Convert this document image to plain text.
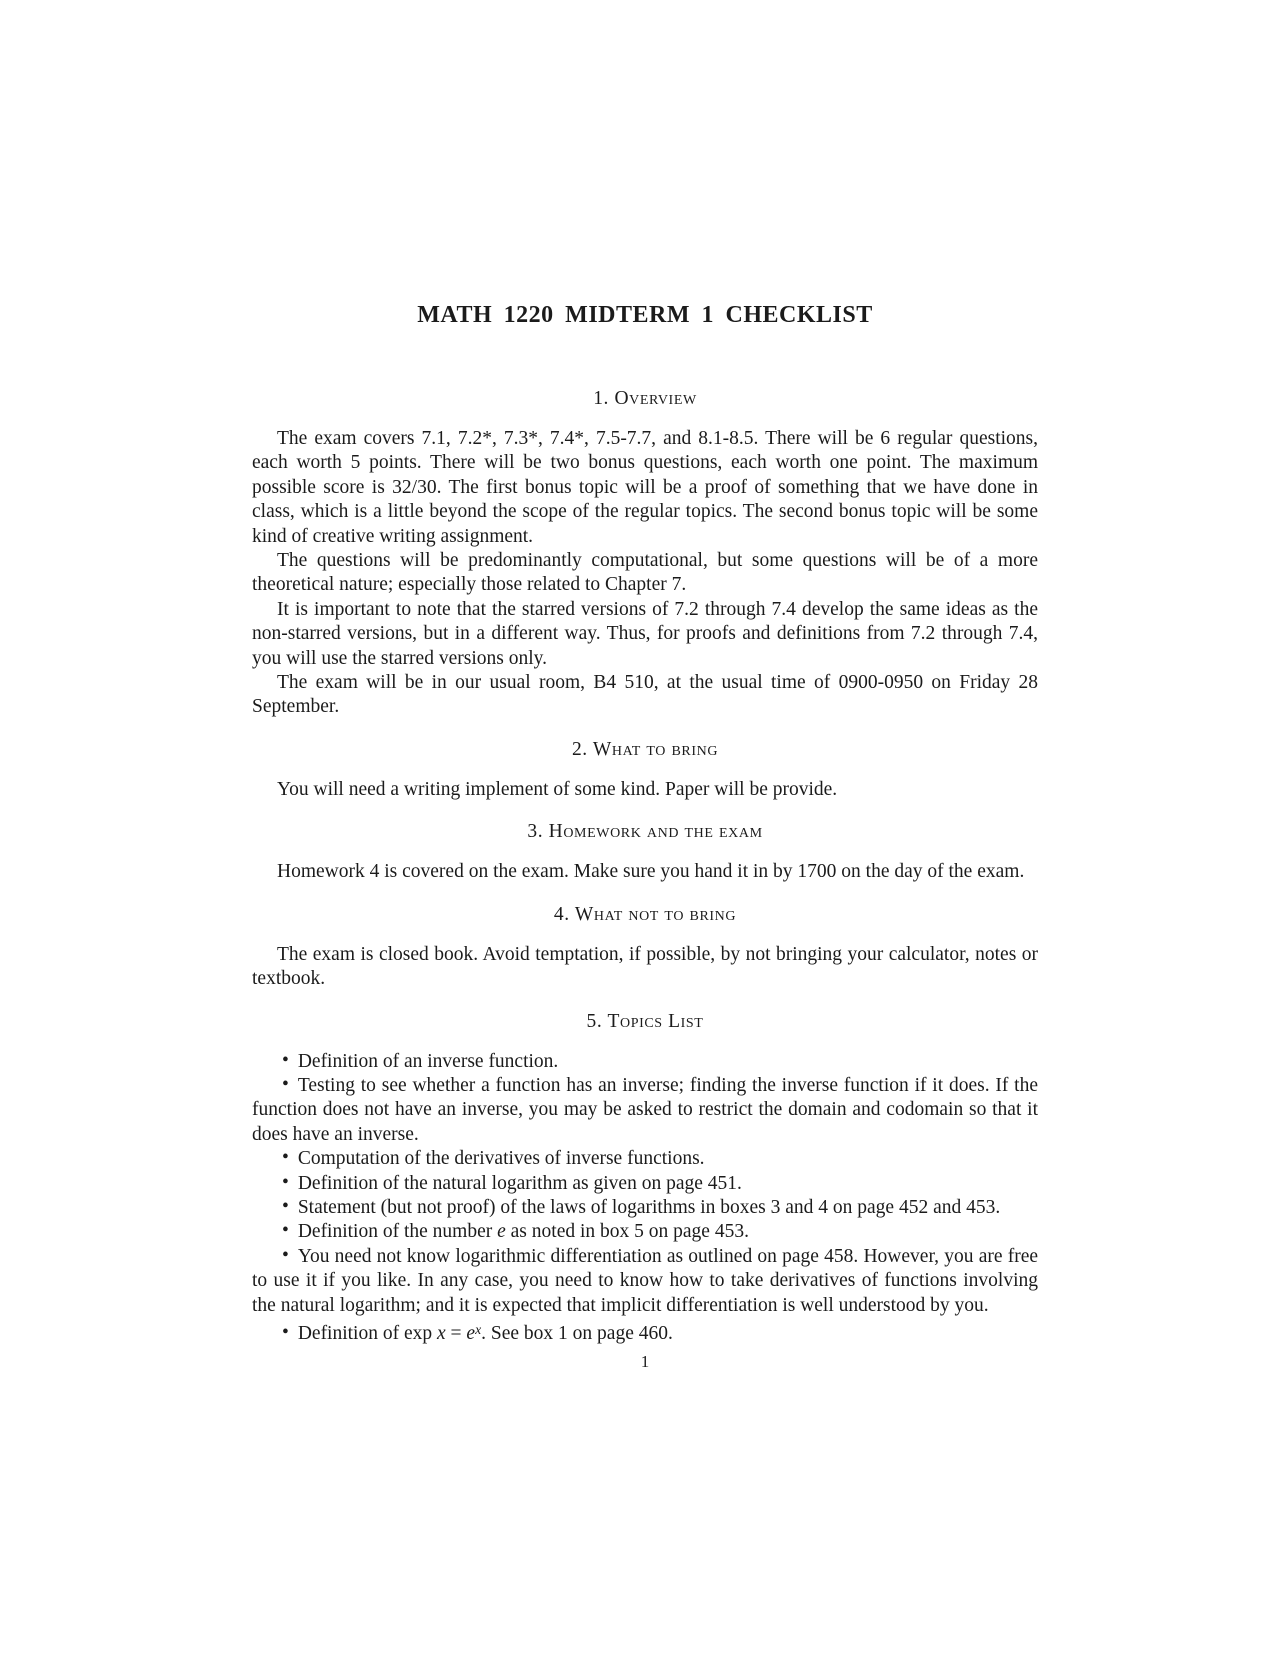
MATH 1220 MIDTERM 1 CHECKLIST
1. Overview

The exam covers 7.1, 7.2*, 7.3*, 7.4*, 7.5-7.7, and 8.1-8.5. There will be 6 regular questions, each worth 5 points. There will be two bonus questions, each worth one point. The maximum possible score is 32/30. The first bonus topic will be a proof of something that we have done in class, which is a little beyond the scope of the regular topics. The second bonus topic will be some kind of creative writing assignment.

The questions will be predominantly computational, but some questions will be of a more theoretical nature; especially those related to Chapter 7.

It is important to note that the starred versions of 7.2 through 7.4 develop the same ideas as the non-starred versions, but in a different way. Thus, for proofs and definitions from 7.2 through 7.4, you will use the starred versions only.

The exam will be in our usual room, B4 510, at the usual time of 0900-0950 on Friday 28 September.

2. What to bring

You will need a writing implement of some kind. Paper will be provide.

3. Homework and the exam

Homework 4 is covered on the exam. Make sure you hand it in by 1700 on the day of the exam.

4. What not to bring

The exam is closed book. Avoid temptation, if possible, by not bringing your calculator, notes or textbook.

5. Topics List

• Definition of an inverse function.

• Testing to see whether a function has an inverse; finding the inverse function if it does. If the function does not have an inverse, you may be asked to restrict the domain and codomain so that it does have an inverse.

• Computation of the derivatives of inverse functions.

• Definition of the natural logarithm as given on page 451.

• Statement (but not proof) of the laws of logarithms in boxes 3 and 4 on page 452 and 453.

• Definition of the number e as noted in box 5 on page 453.

• You need not know logarithmic differentiation as outlined on page 458. However, you are free to use it if you like. In any case, you need to know how to take derivatives of functions involving the natural logarithm; and it is expected that implicit differentiation is well understood by you.

• Definition of $\exp x = e^x$. See box 1 on page 460.

1
